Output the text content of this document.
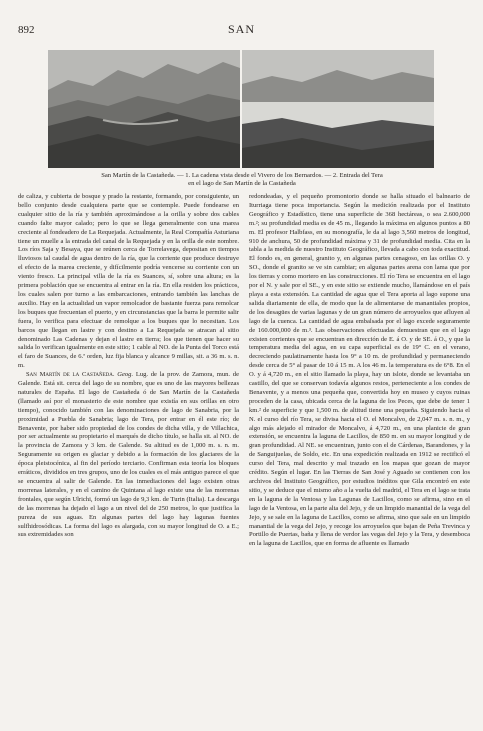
892	SAN
San Martín de la Castañeda. — 1. La cadena vista desde el Vivero de los Bernardos. — 2. Entrada del Tera
en el lago de San Martín de la Castañeda

de caliza, y cubierta de bosque y prado la restante, formando, por consiguiente, un bello conjunto desde cualquiera parte que se contemple. Puede fondearse en cualquier sitio de la ría y también aproximándose a la orilla y sobre dos cables cuando falte mayor calado; pero lo que se llega generalmente con una marea creciente al fondeadero de La Requejada. Actualmente, la Real Compañía Asturiana tiene un muelle a la entrada del canal de la Requejada y en la orilla de este nombre. Los ríos Saja y Besaya, que se reúnen cerca de Torrelavega, depositan en tiempos lluviosos tal caudal de agua dentro de la ría, que la corriente que produce destruye el efecto de la marea creciente, y difícilmente podría vencerse su corriente con un viento fresco. La principal villa de la ría es Suances, sí, sobre una altura; es la primera población que se encuentra al entrar en la ría. En ella residen los prácticos, los cuales salen por turno a las embarcaciones, entrando también las lanchas de auxilio. Hay en la actualidad un vapor remolcador de bastante fuerza para remolcar los buques que frecuentan el puerto, y en circunstancias que la barra le permite salir fuera, lo verifica para efectuar de remolque a los buques que lo necesitan. Los barcos que llegan en lastre y con destino a La Requejada se atracan al sitio denominado Las Cadenas y dejan el lastre en tierra; los que tienen que hacer su salida lo verifican igualmente en este sitio; 1 cable al NO. de la Punta del Torco está el faro de Suances, de 6.ª orden, luz fija blanca y alcance 9 millas, sit. a 36 m. s. n. m.

San Martín de la Castañeda. Geog. Lug. de la prov. de Zamora, mun. de Galende. Está sit. cerca del lago de su nombre, que es uno de las mayores bellezas naturales de España. El lago de Castañeda ó de San Martín de la Castañeda (llamado así por el monasterio de este nombre que existía en sus orillas en otro tiempo), conocido también con las denominaciones de lago de Sanabria, por la proximidad a Puebla de Sanabria; lago de Tera, por entrar en él este río; de Benavente, por haber sido propiedad de los condes de dicha villa, y de Villachica, por ser actualmente su propietario el marqués de dicho título, se halla sit. al NO. de la provincia de Zamora y 3 km. de Galende. Su altitud es de 1,000 m. s. n. m. Seguramente su origen es glaciar y debido a la formación de los glaciares de la época pleistocénica, al fin del período terciario. Confirman esta teoría los bloques erráticos, divididos en tres grupos, uno de los cuales es el más antiguo parece el que se encuentra al salir de Galende. En las inmediaciones del lago existen otras morrenas laterales, y en el camino de Quintana al lago existe una de las morrenas frontales, que según Ulrichi, formó un lago de 9,3 km. de Turin (Italia). La descarga de las morrenas ha dejado el lago a un nivel del de 250 metros, lo que justifica la pureza de sus aguas. En algunas partes del lago hay lagunas fuentes sulfhidrosódicas. La forma del lago es alargada, con su mayor longitud de O. a E.; sus extremidades son

redondeadas, y el pequeño promontorio donde se halla situado el balneario de Iturriaga tiene poca importancia. Según la medición realizada por el Instituto Geográfico y Estadístico, tiene una superficie de 368 hectáreas, o sea 2.600,000 m.²; su profundidad media es de 45 m., llegando la máxima en algunos puntos a 80 m. El profesor Halbfass, en su monografía, le da al lago 3,560 metros de longitud, 910 de anchura, 50 de profundidad máxima y 31 de profundidad media. Cita en la tabla a la medida de nuestro Instituto Geográfico, llevada a cabo con toda exactitud. El fondo es, en general, granito y, en algunas partes cenagoso, en las orillas O. y SO., donde el granito se ve sin cambiar; en algunas partes arena con lama que por los tierras y como mortero en las construcciones. El río Tera se encuentra en el lago por el N. y sale por el SE., y en este sitio se extiende mucho, llamándose en el país playa a esta extensión. La cantidad de agua que el Tera aporta al lago supone una salida diariamente de ella, de modo que la de alimentarse de manantiales propios, de los desagües de varias lagunas y de un gran número de arroyuelos que afluyen al lago de la cuenca. La cantidad de agua embalsada por el lago excede seguramente de 160.000,000 de m.³. Las observaciones efectuadas demuestran que en el lago existen corrientes que se encuentran en dirección de E. á O. y de SE. á O., y que la temperatura media del agua, en su capa superficial es de 19° C. en el verano, decreciendo paulatinamente hasta los 9° a 10 m. de profundidad y permaneciendo desde cerca de 5° al pasar de 10 á 15 m. A los 46 m. la temperatura es de 6°8. En el O. y á 4,720 m., en el sitio llamado la playa, hay un islote, donde se levantaba un castillo, del que se conservan todavía algunos restos, perteneciente a los condes de Benavente, y a menos una pequeña que, convertida hoy en museo y cuyos ruinas proceden de la casa, ubicada cerca de la laguna de los Peces, que debe de tener 1 km.² de superficie y que 1,500 m. de altitud tiene una pequeña. Siguiendo hacia el N. el curso del río Tera, se divisa hacia el O. el Moncalvo, de 2,047 m. s. n. m., y algo más alejado el mirador de Moncalvo, á 4,720 m., en una planicie de gran extensión, se encuentra la laguna de Lacillos, de 850 m. en su mayor longitud y de gran profundidad. Al NE. se encuentran, junto con el de Cárdenas, Barandones, y la de Sanguijuelas, de Soldo, etc. En una expedición realizada en 1912 se rectificó el curso del Tera, mal descrito y mal trazado en los mapas que gozan de mayor crédito. Según el lugar. En las Tierras de San José y Aguado se contienen con los archivos del Instituto Geográfico, por estudios inéditos que Gila encontró en este sitio, y se deduce que el mismo año a la vuelta del madrid, el Tera en el lago se trata en la laguna de la Ventosa y las Lagunas de Lacillos, como se afirma, sino en el lago de la Ventosa, en la parte alta del Jejo, y de un limpido manantial de la vega del Jejo, y se sale en la laguna de Lacillos, como se afirma, sino que sale en un limpido manantial de la vega del Jejo, y recoge los arroyuelos que bajan de Peña Trevinca y Portillo de Puertas, baña y llena de verdor las vegas del Jejo y la Tera, y desemboca en la laguna de Lacillos, que en forma de afluente es llamado
